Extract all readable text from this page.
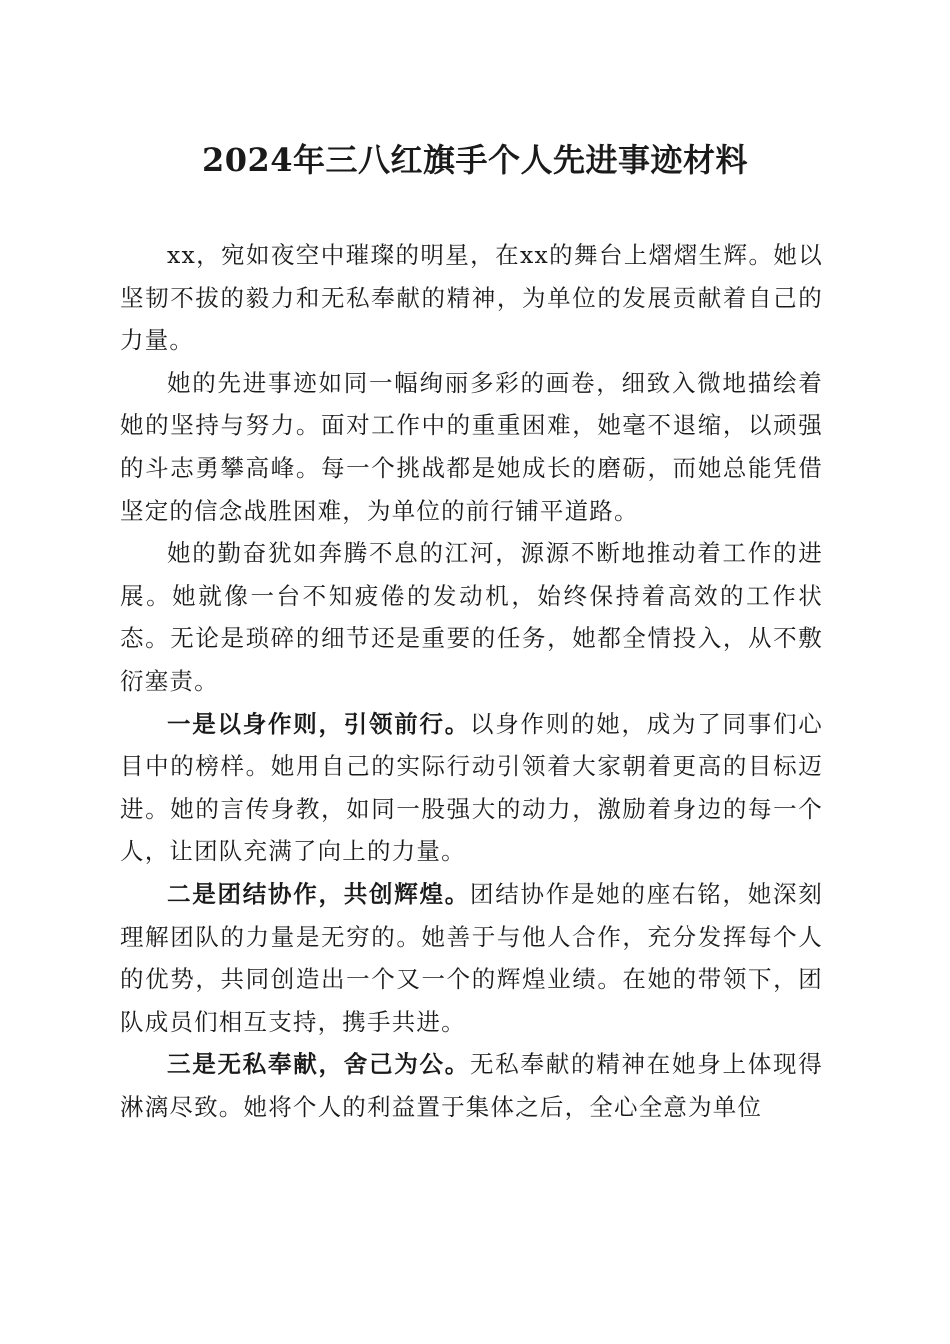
2024年三八红旗手个人先进事迹材料

xx，宛如夜空中璀璨的明星，在xx的舞台上熠熠生辉。她以坚韧不拔的毅力和无私奉献的精神，为单位的发展贡献着自己的力量。

她的先进事迹如同一幅绚丽多彩的画卷，细致入微地描绘着她的坚持与努力。面对工作中的重重困难，她毫不退缩，以顽强的斗志勇攀高峰。每一个挑战都是她成长的磨砺，而她总能凭借坚定的信念战胜困难，为单位的前行铺平道路。

她的勤奋犹如奔腾不息的江河，源源不断地推动着工作的进展。她就像一台不知疲倦的发动机，始终保持着高效的工作状态。无论是琐碎的细节还是重要的任务，她都全情投入，从不敷衍塞责。

一是以身作则，引领前行。以身作则的她，成为了同事们心目中的榜样。她用自己的实际行动引领着大家朝着更高的目标迈进。她的言传身教，如同一股强大的动力，激励着身边的每一个人，让团队充满了向上的力量。

二是团结协作，共创辉煌。团结协作是她的座右铭，她深刻理解团队的力量是无穷的。她善于与他人合作，充分发挥每个人的优势，共同创造出一个又一个的辉煌业绩。在她的带领下，团队成员们相互支持，携手共进。

三是无私奉献，舍己为公。无私奉献的精神在她身上体现得淋漓尽致。她将个人的利益置于集体之后，全心全意为单位
